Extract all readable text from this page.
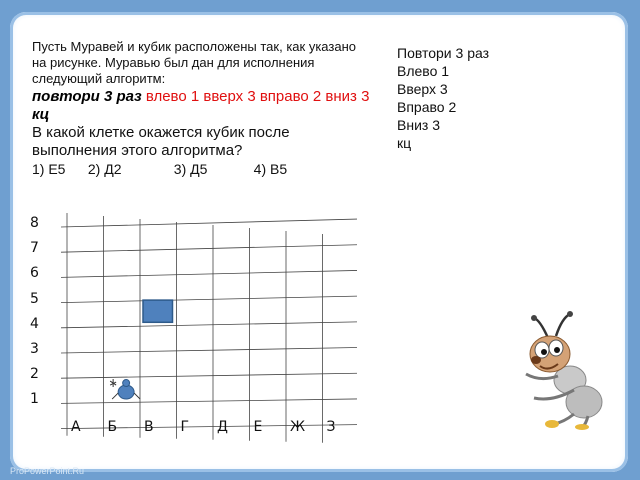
Пусть Муравей и кубик расположены так, как указано на рисунке. Муравью был дан для исполнения следующий алгоритм:
повтори 3 раз влево 1 вверх 3 вправо 2 вниз 3 кц
В какой клетке окажется кубик после выполнения этого алгоритма?
1) Е5 2) Д2	3) Д5	4) В5
Повтори 3 раз
Влево 1
Вверх 3
Вправо 2
Вниз 3
кц
8
7
6
5
4
3
2
1
А Б В Г Д Е Ж З
ProPowerPoint.Ru
